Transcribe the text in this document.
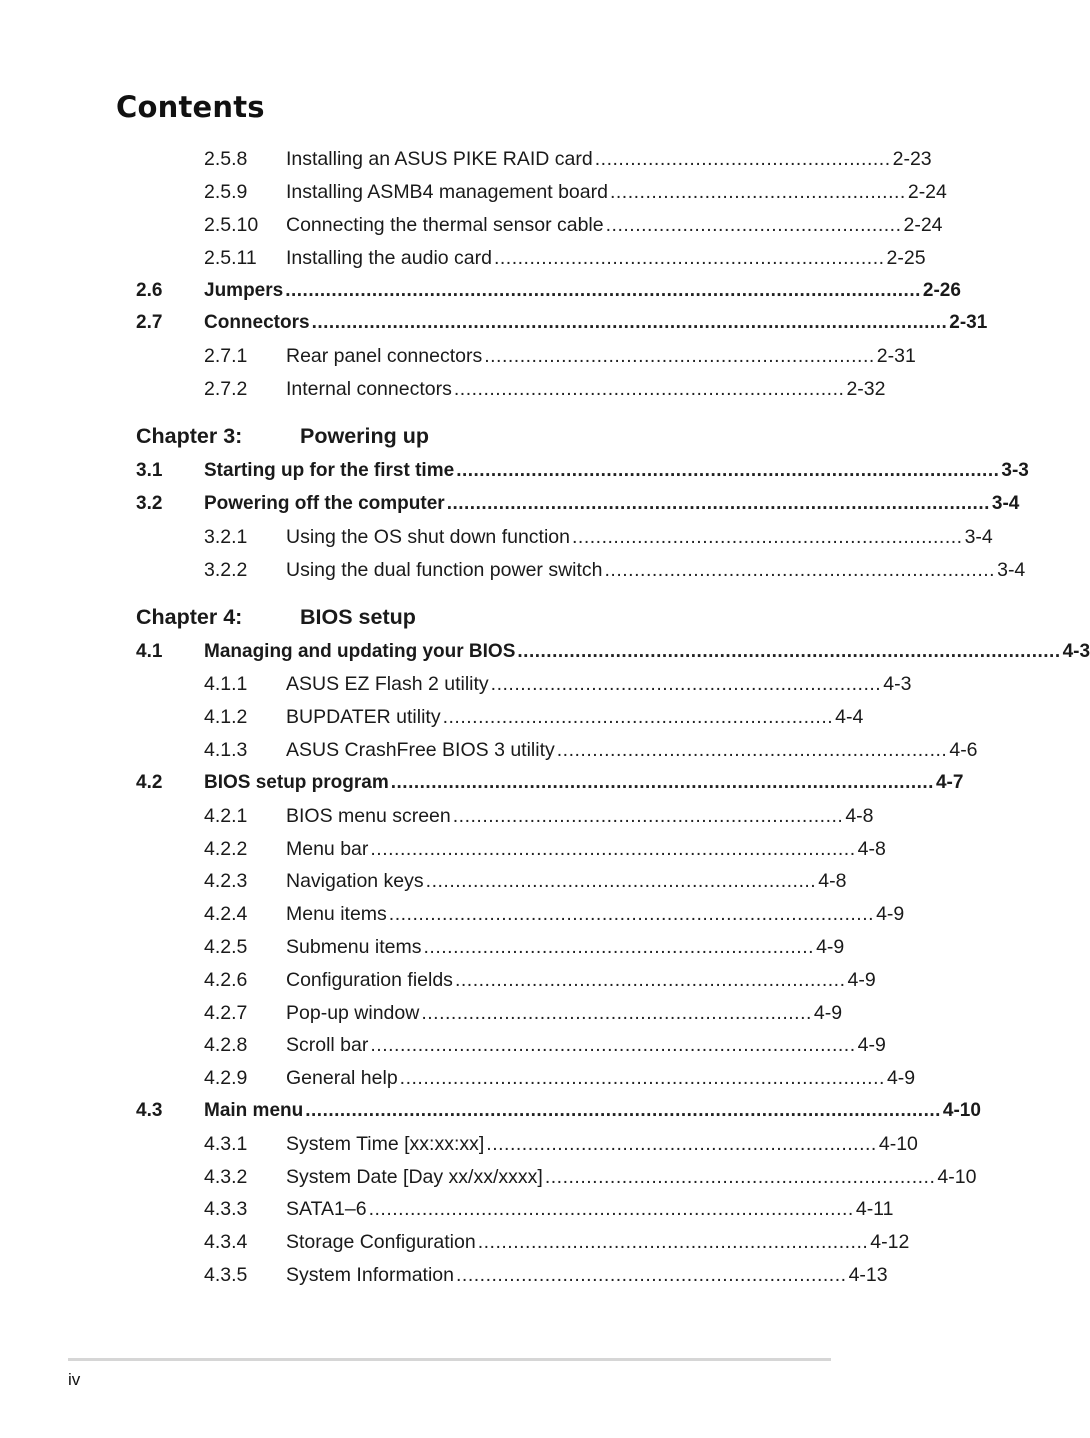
Contents
2.5.8 Installing an ASUS PIKE RAID card .................................................. 2-23
2.5.9 Installing ASMB4 management board .................................................. 2-24
2.5.10 Connecting the thermal sensor cable .................................................. 2-24
2.5.11 Installing the audio card .................................................................. 2-25
2.6 Jumpers .............................................................................................................. 2-26
2.7 Connectors .............................................................................................................. 2-31
2.7.1 Rear panel connectors .................................................................. 2-31
2.7.2 Internal connectors .................................................................. 2-32
Chapter 3:	Powering up
3.1 Starting up for the first time .............................................................................................. 3-3
3.2 Powering off the computer .............................................................................................. 3-4
3.2.1 Using the OS shut down function .................................................................. 3-4
3.2.2 Using the dual function power switch .................................................................. 3-4
Chapter 4:	BIOS setup
4.1 Managing and updating your BIOS .............................................................................................. 4-3
4.1.1 ASUS EZ Flash 2 utility .................................................................. 4-3
4.1.2 BUPDATER utility .................................................................. 4-4
4.1.3 ASUS CrashFree BIOS 3 utility .................................................................. 4-6
4.2 BIOS setup program .............................................................................................. 4-7
4.2.1 BIOS menu screen .................................................................. 4-8
4.2.2 Menu bar .................................................................................. 4-8
4.2.3 Navigation keys .................................................................. 4-8
4.2.4 Menu items .................................................................................. 4-9
4.2.5 Submenu items .................................................................. 4-9
4.2.6 Configuration fields .................................................................. 4-9
4.2.7 Pop-up window .................................................................. 4-9
4.2.8 Scroll bar .................................................................................. 4-9
4.2.9 General help .................................................................................. 4-9
4.3 Main menu .............................................................................................................. 4-10
4.3.1 System Time [xx:xx:xx] .................................................................. 4-10
4.3.2 System Date [Day xx/xx/xxxx] .................................................................. 4-10
4.3.3 SATA1–6 .................................................................................. 4-11
4.3.4 Storage Configuration .................................................................. 4-12
4.3.5 System Information .................................................................. 4-13
iv
